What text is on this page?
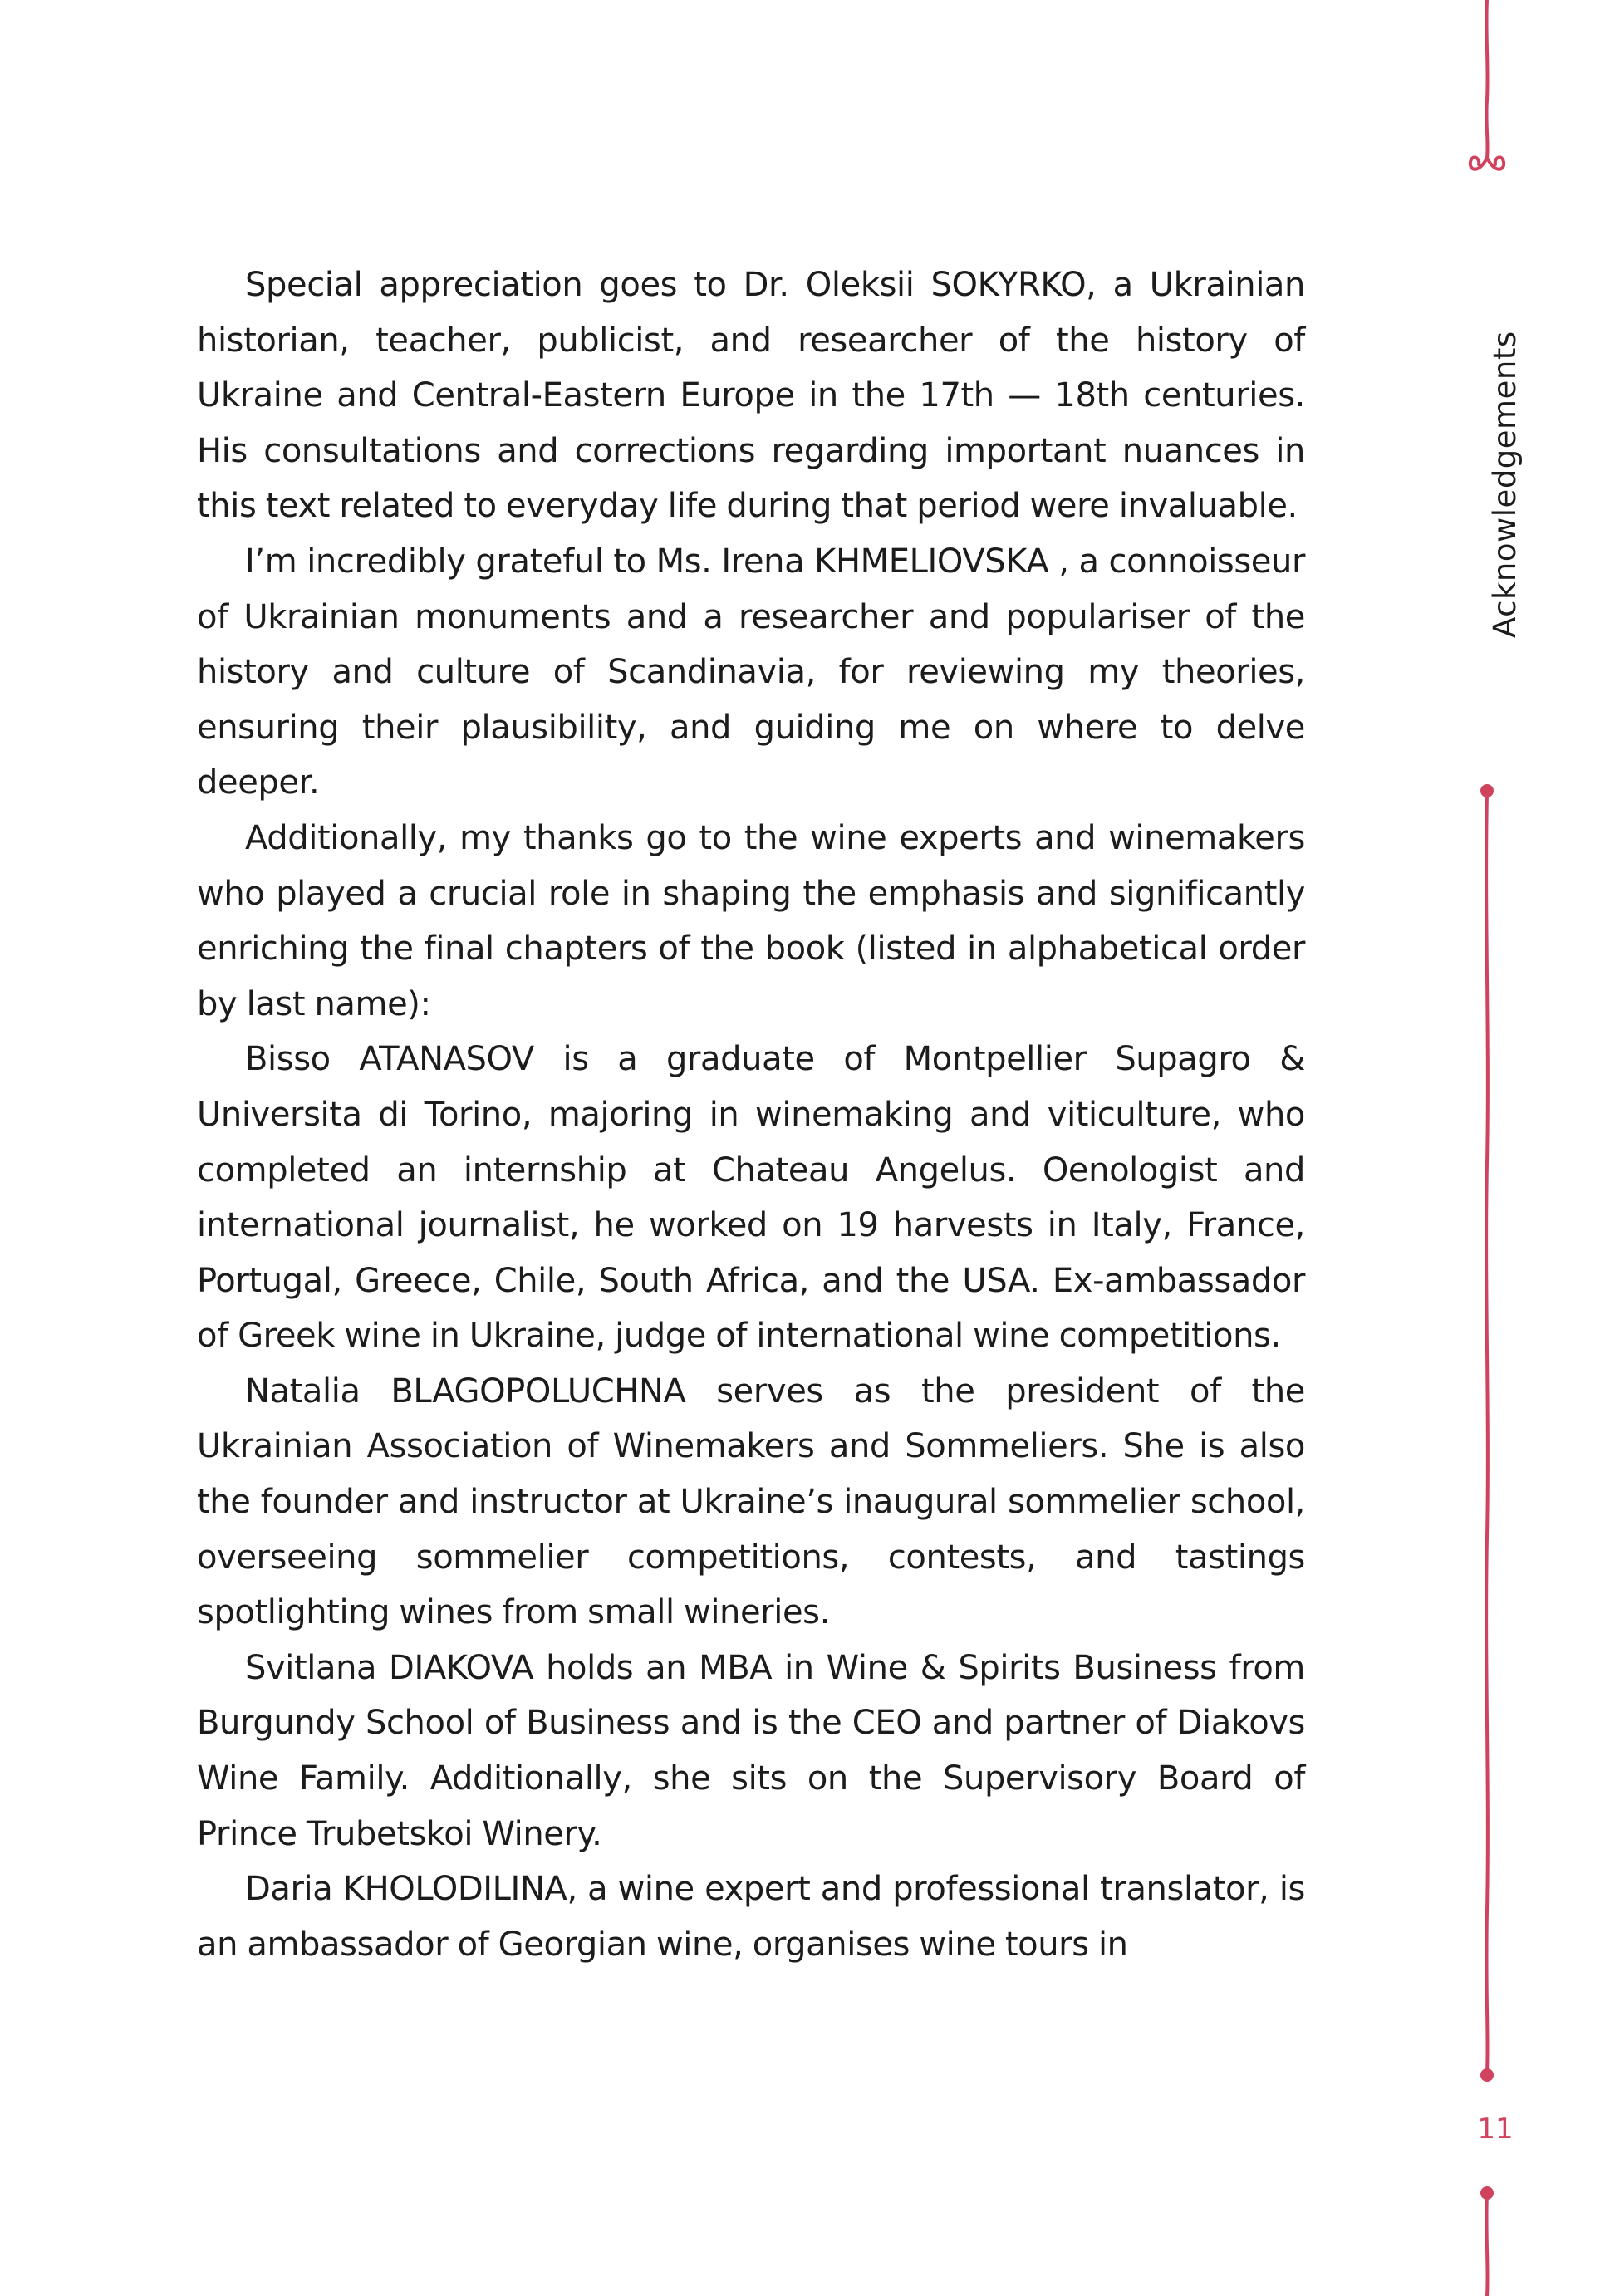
Special appreciation goes to Dr. Oleksii SOKYRKO, a Ukrainian historian, teacher, publicist, and researcher of the history of Ukraine and Central-Eastern Europe in the 17th — 18th centuries. His consultations and corrections regarding important nuances in this text related to everyday life during that period were invaluable.

I’m incredibly grateful to Ms. Irena KHMELIOVSKA , a connoisseur of Ukrainian monuments and a researcher and populariser of the history and culture of Scandinavia, for reviewing my theories, ensuring their plausibility, and guiding me on where to delve deeper.

Additionally, my thanks go to the wine experts and winemakers who played a crucial role in shaping the emphasis and significantly enriching the final chapters of the book (listed in alphabetical order by last name):

Bisso ATANASOV is a graduate of Montpellier Supagro & Universita di Torino, majoring in winemaking and viticulture, who completed an internship at Chateau Angelus. Oenologist and international journalist, he worked on 19 harvests in Italy, France, Portugal, Greece, Chile, South Africa, and the USA. Ex-ambassador of Greek wine in Ukraine, judge of international wine competitions.

Natalia BLAGOPOLUCHNA serves as the president of the Ukrainian Association of Winemakers and Sommeliers. She is also the founder and instructor at Ukraine’s inaugural sommelier school, overseeing sommelier competitions, contests, and tastings spotlighting wines from small wineries.

Svitlana DIAKOVA holds an MBA in Wine & Spirits Business from Burgundy School of Business and is the CEO and partner of Diakovs Wine Family. Additionally, she sits on the Supervisory Board of Prince Trubetskoi Winery.

Daria KHOLODILINA, a wine expert and professional translator, is an ambassador of Georgian wine, organises wine tours in

Acknowledgements
11
